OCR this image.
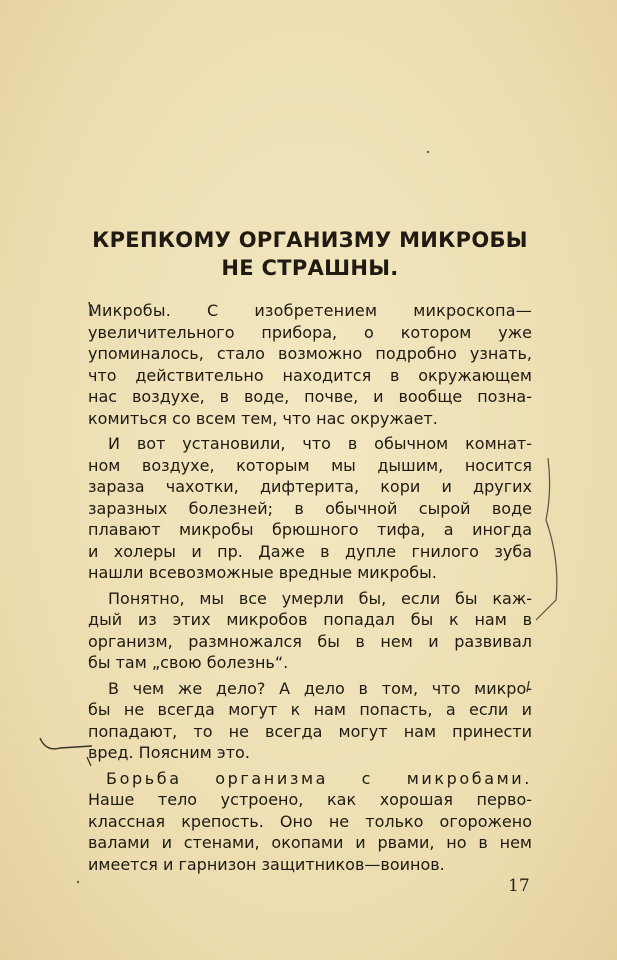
КРЕПКОМУ ОРГАНИЗМУ МИКРОБЫ
НЕ СТРАШНЫ.
Микробы. С изобретением микроскопа—
увеличительного прибора, о котором уже
упоминалось, стало возможно подробно узнать,
что действительно находится в окружающем
нас воздухе, в воде, почве, и вообще позна-
комиться со всем тем, что нас окружает.
И вот установили, что в обычном комнат-
ном воздухе, которым мы дышим, носится
зараза чахотки, дифтерита, кори и других
заразных болезней; в обычной сырой воде
плавают микробы брюшного тифа, а иногда
и холеры и пр. Даже в дупле гнилого зуба
нашли всевозможные вредные микробы.
Понятно, мы все умерли бы, если бы каж-
дый из этих микробов попадал бы к нам в
организм, размножался бы в нем и развивал
бы там „свою болезнь“.
В чем же дело? А дело в том, что микро-
бы не всегда могут к нам попасть, а если и
попадают, то не всегда могут нам принести
вред. Поясним это.
Борьба организма с микробами.
Наше тело устроено, как хорошая перво-
классная крепость. Оно не только огорожено
валами и стенами, окопами и рвами, но в нем
имеется и гарнизон защитников—воинов.
17
